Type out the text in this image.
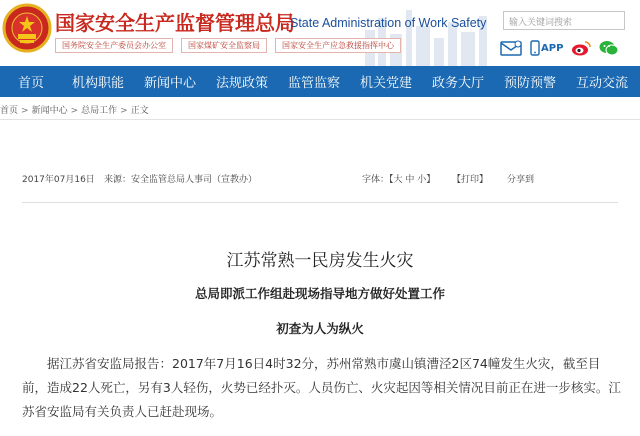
国家安全生产监督管理总局
State Administration of Work Safety
国务院安全生产委员会办公室	国家煤矿安全监察局	国家安全生产应急救援指挥中心
输入关键词搜索
APP
首页	机构职能	新闻中心	法规政策	监管监察	机关党建	政务大厅	预防预警	互动交流
首页 > 新闻中心 > 总局工作 > 正文
2017年07月16日 来源：安全监管总局人事司（宣教办）	字体：【大 中 小】 【打印】 分享到
江苏常熟一民房发生火灾
总局即派工作组赴现场指导地方做好处置工作
初查为人为纵火

据江苏省安监局报告：2017年7月16日4时32分，苏州常熟市虞山镇漕泾2区74幢发生火灾，截至目前，造成22人死亡，另有3人轻伤，火势已经扑灭。人员伤亡、火灾起因等相关情况目前正在进一步核实。江苏省安监局有关负责人已赶赴现场。
